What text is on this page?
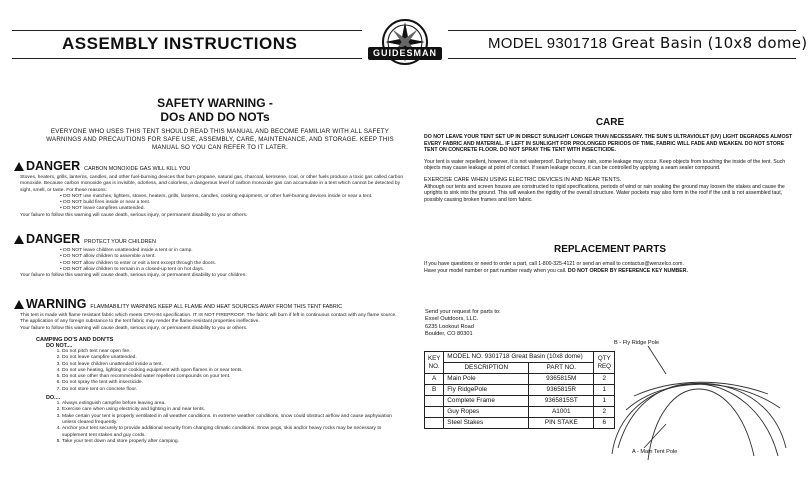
ASSEMBLY INSTRUCTIONS	MODEL 9301718 Great Basin (10x8 dome)
GUIDESMAN
SAFETY WARNING -
DOs AND DO NOTs
EVERYONE WHO USES THIS TENT SHOULD READ THIS MANUAL AND BECOME FAMILIAR WITH ALL SAFETY WARNINGS AND PRECAUTIONS FOR SAFE USE, ASSEMBLY, CARE, MAINTENANCE, AND STORAGE. KEEP THIS MANUAL SO YOU CAN REFER TO IT LATER.
DANGER CARBON MONOXIDE GAS WILL KILL YOU
Stoves, heaters, grills, lanterns, candles, and other fuel-burning devices that burn propane, natural gas, charcoal, kerosene, coal, or other fuels produce a toxic gas called carbon monoxide. Because carbon monoxide gas is invisible, odorless, and colorless, a dangerous level of carbon monoxide gas can accumulate in a tent which cannot be detected by sight, smell, or taste. For these reasons:
• DO NOT use matches, lighters, stoves, heaters, grills, lanterns, candles, cooking equipment, or other fuel-burning devices inside or near a tent.
• DO NOT build fires inside or near a tent.
• DO NOT leave campfires unattended.
Your failure to follow this warning will cause death, serious injury, or permanent disability to you or others.
DANGER PROTECT YOUR CHILDREN
• DO NOT leave children unattended inside a tent or in camp.
• DO NOT allow children to assemble a tent.
• DO NOT allow children to enter or exit a tent except through the doors.
• DO NOT allow children to remain in a closed-up tent on hot days.
Your failure to follow this warning will cause death, serious injury, or permanent disability to your children.
WARNING FLAMMABILITY WARNING KEEP ALL FLAME AND HEAT SOURCES AWAY FROM THIS TENT FABRIC
This tent is made with flame resistant fabric which meets CPAI-84 specification. IT IS NOT FIREPROOF. The fabric will burn if left in continuous contact with any flame source. The application of any foreign substance to the tent fabric may render the flame-resistant properties ineffective.
Your failure to follow this warning will cause death, serious injury, or permanent disability to you or others.
CAMPING DO'S AND DON'TS
DO NOT....
1. Do not pitch tent near open fire.
2. Do not leave campfire unattended.
3. Do not leave children unattended inside a tent.
4. Do not use heating, lighting or cooking equipment with open flames in or near tents.
5. Do not use other than recommended water repellent compounds on your tent.
6. Do not spray the tent with insecticide.
7. Do not store tent on concrete floor.
DO....
1. Always extinguish campfire before leaving area.
2. Exercise care when using electricity and lighting in and near tents.
3. Make certain your tent is properly ventilated in all weather conditions. In extreme weather conditions, snow could obstruct airflow and cause asphyxiation unless cleared frequently.
4. Anchor your tent securely to provide additional security from changing climatic conditions. Snow pegs, skis and/or heavy rocks may be necessary to supplement tent stakes and guy cords.
5. Take your tent down and store properly after camping.
CARE
DO NOT LEAVE YOUR TENT SET UP IN DIRECT SUNLIGHT LONGER THAN NECESSARY. THE SUN'S ULTRAVIOLET (UV) LIGHT DEGRADES ALMOST EVERY FABRIC AND MATERIAL. IF LEFT IN SUNLIGHT FOR PROLONGED PERIODS OF TIME, FABRIC WILL FADE AND WEAKEN. DO NOT STORE TENT ON CONCRETE FLOOR. DO NOT SPRAY THE TENT WITH INSECTICIDE.
Your tent is water repellent, however, it is not waterproof. During heavy rain, some leakage may occur. Keep objects from touching the inside of the tent. Such objects may cause leakage at point of contact. If seam leakage occurs, it can be controlled by applying a seam sealer compound.
EXERCISE CARE WHEN USING ELECTRIC DEVICES IN AND NEAR TENTS.
Although our tents and screen houses are constructed to rigid specifications, periods of wind or rain soaking the ground may loosen the stakes and cause the uprights to sink into the ground. This will weaken the rigidity of the overall structure. Water pockets may also form in the roof if the unit is not assembled taut, possibly causing broken frames and torn fabric.
REPLACEMENT PARTS
If you have questions or need to order a part, call 1-800-325-4121 or send an email to contactus@wenzelco.com.
Have your model number or part number ready when you call. DO NOT ORDER BY REFERENCE KEY NUMBER.
Send your request for parts to:
Exxel Outdoors, LLC.
6235 Lookout Road
Boulder, CO 80301
KEY NO.	MODEL NO. 9301718 Great Basin (10x8 dome)		QTY REQ
	DESCRIPTION	PART NO.	
A	Main Pole	9365815M	2
B	Fly RidgePole	9365815R	1
	Complete Frame	9365815ST	1
	Guy Ropes	A1001	2
	Steel Stakes	PIN STAKE	6
B - Fly Ridge Pole
A - Main Tent Pole
